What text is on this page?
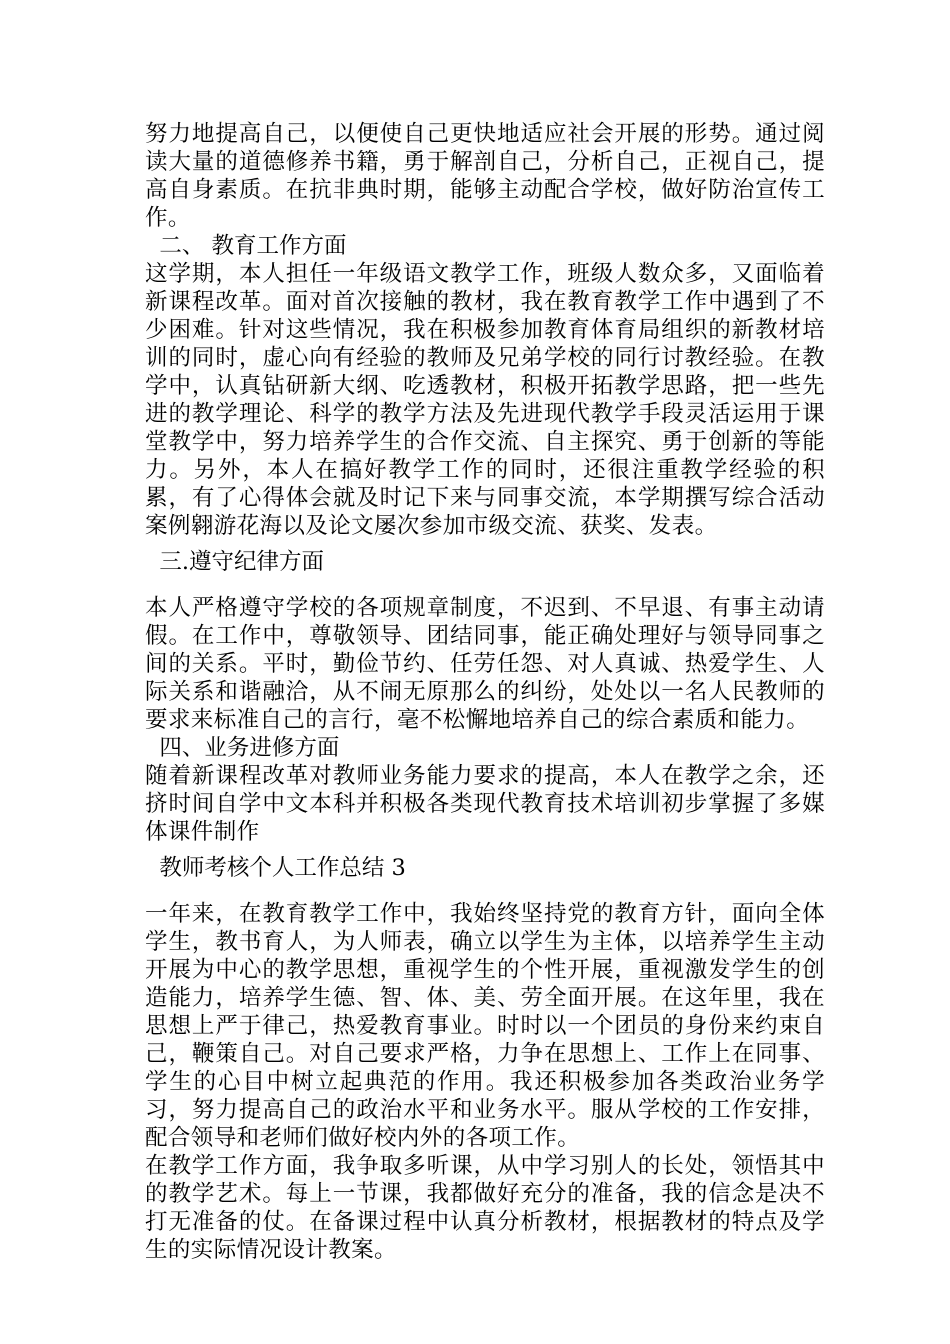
努力地提高自己，以便使自己更快地适应社会开展的形势。通过阅读大量的道德修养书籍，勇于解剖自己，分析自己，正视自己，提高自身素质。在抗非典时期，能够主动配合学校，做好防治宣传工作。

二、 教育工作方面

这学期，本人担任一年级语文教学工作，班级人数众多，又面临着新课程改革。面对首次接触的教材，我在教育教学工作中遇到了不少困难。针对这些情况，我在积极参加教育体育局组织的新教材培训的同时，虚心向有经验的教师及兄弟学校的同行讨教经验。在教学中，认真钻研新大纲、吃透教材，积极开拓教学思路，把一些先进的教学理论、科学的教学方法及先进现代教学手段灵活运用于课堂教学中，努力培养学生的合作交流、自主探究、勇于创新的等能力。另外，本人在搞好教学工作的同时，还很注重教学经验的积累，有了心得体会就及时记下来与同事交流，本学期撰写综合活动案例翱游花海以及论文屡次参加市级交流、获奖、发表。

三.遵守纪律方面

本人严格遵守学校的各项规章制度，不迟到、不早退、有事主动请假。在工作中，尊敬领导、团结同事，能正确处理好与领导同事之间的关系。平时，勤俭节约、任劳任怨、对人真诚、热爱学生、人际关系和谐融洽，从不闹无原那么的纠纷，处处以一名人民教师的要求来标准自己的言行，毫不松懈地培养自己的综合素质和能力。

四、业务进修方面

随着新课程改革对教师业务能力要求的提高，本人在教学之余，还挤时间自学中文本科并积极各类现代教育技术培训初步掌握了多媒体课件制作

教师考核个人工作总结 3

一年来，在教育教学工作中，我始终坚持党的教育方针，面向全体学生，教书育人，为人师表，确立以学生为主体，以培养学生主动开展为中心的教学思想，重视学生的个性开展，重视激发学生的创造能力，培养学生德、智、体、美、劳全面开展。在这年里，我在思想上严于律己，热爱教育事业。时时以一个团员的身份来约束自己，鞭策自己。对自己要求严格，力争在思想上、工作上在同事、学生的心目中树立起典范的作用。我还积极参加各类政治业务学习，努力提高自己的政治水平和业务水平。服从学校的工作安排，配合领导和老师们做好校内外的各项工作。

在教学工作方面，我争取多听课，从中学习别人的长处，领悟其中的教学艺术。每上一节课，我都做好充分的准备，我的信念是决不打无准备的仗。在备课过程中认真分析教材，根据教材的特点及学生的实际情况设计教案。
